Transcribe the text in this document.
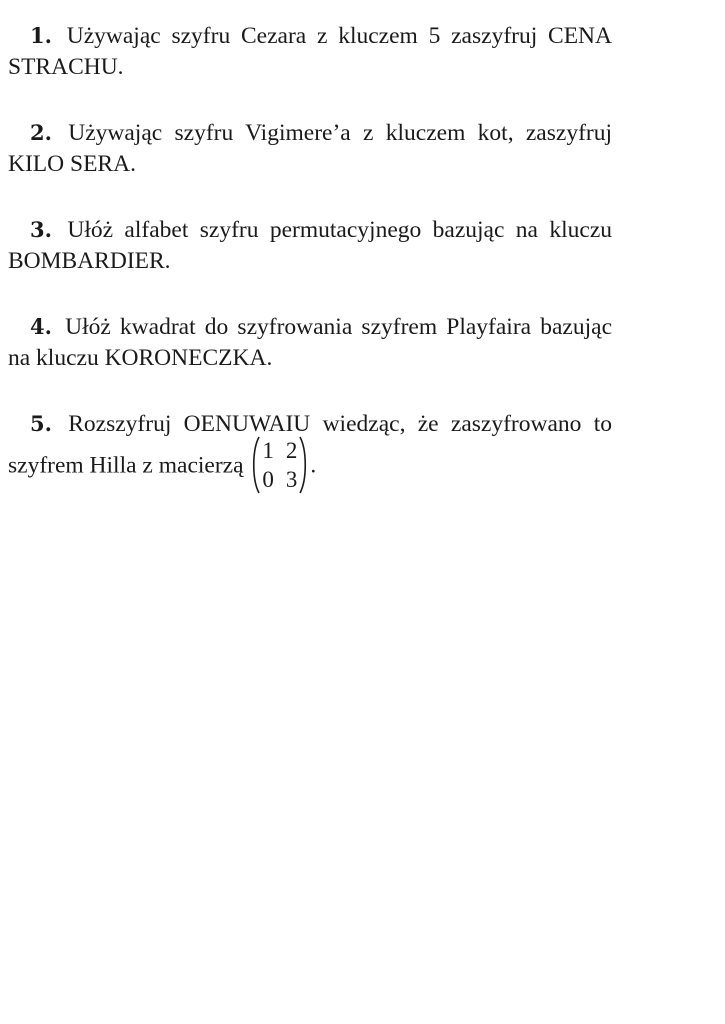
1. Używając szyfru Cezara z kluczem 5 zaszyfruj CENA STRACHU.

2. Używając szyfru Vigimere’a z kluczem kot, zaszyfruj KILO SERA.

3. Ułóż alfabet szyfru permutacyjnego bazując na kluczu BOMBARDIER.

4. Ułóż kwadrat do szyfrowania szyfrem Playfaira bazując na kluczu KORONECZKA.

5. Rozszyfruj OENUWAIU wiedząc, że zaszyfrowano to
szyfrem Hilla z macierzą
1 2
0 3
.
